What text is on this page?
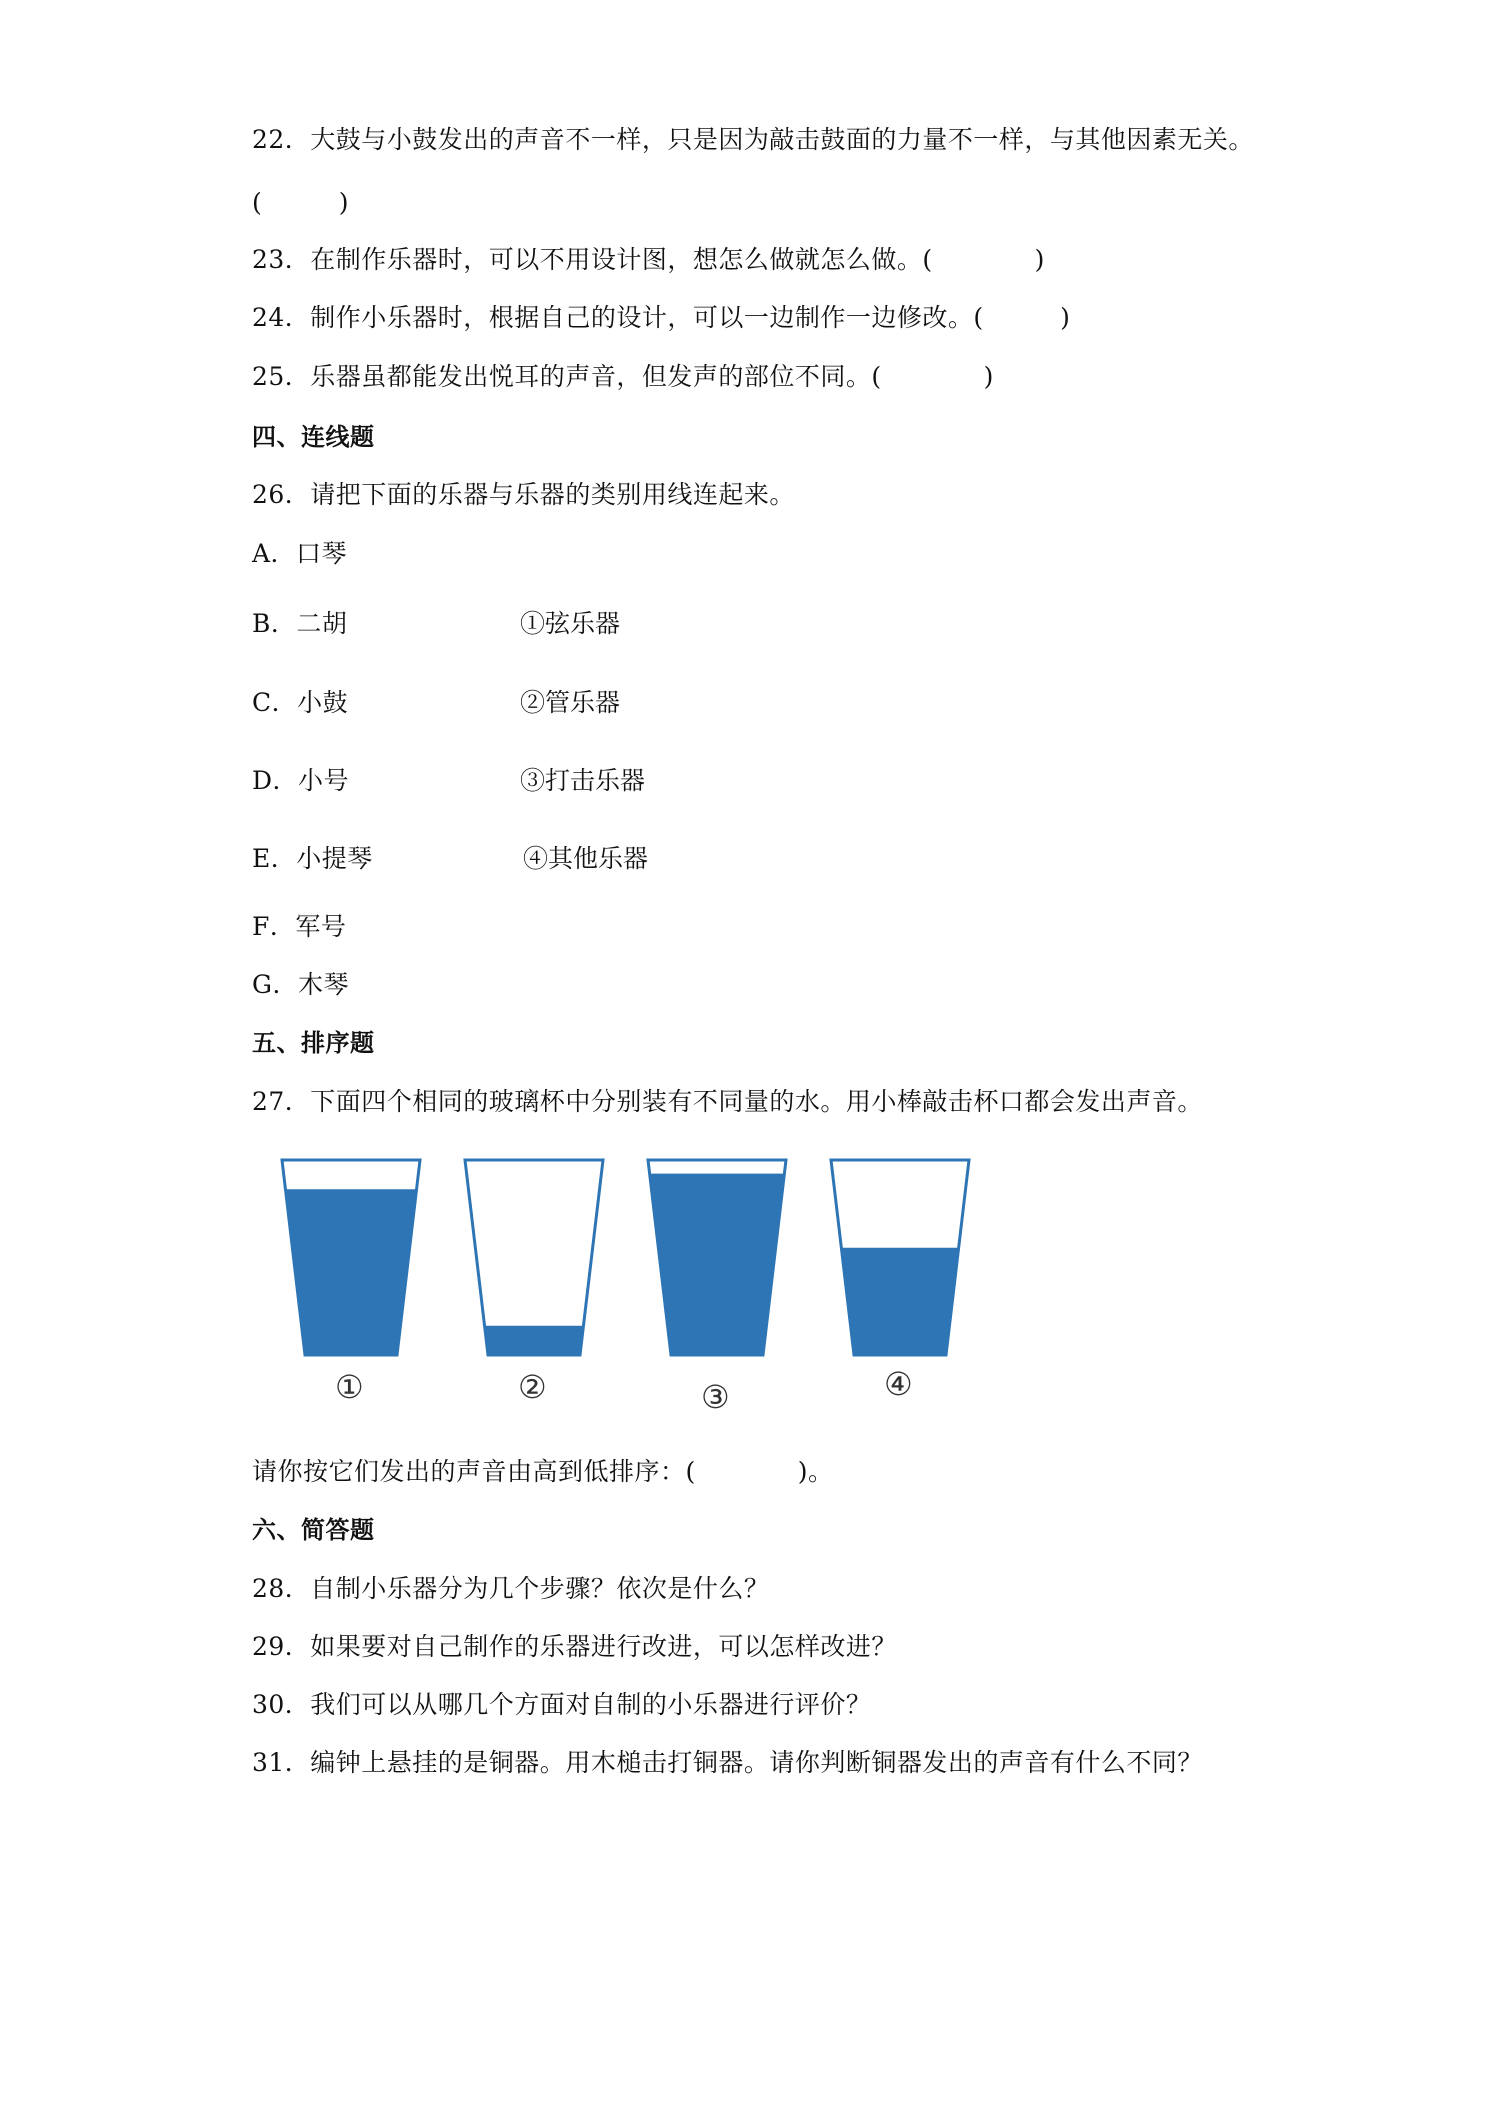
22．大鼓与小鼓发出的声音不一样，只是因为敲击鼓面的力量不一样，与其他因素无关。
(　　　)
23．在制作乐器时，可以不用设计图，想怎么做就怎么做。(　　　　)
24．制作小乐器时，根据自己的设计，可以一边制作一边修改。(　　　)
25．乐器虽都能发出悦耳的声音，但发声的部位不同。(　　　　)
四、连线题
26．请把下面的乐器与乐器的类别用线连起来。
A．口琴
B．二胡
C．小鼓
D．小号
E．小提琴
F．军号
G．木琴
①弦乐器
②管乐器
③打击乐器
④其他乐器
五、排序题
27．下面四个相同的玻璃杯中分别装有不同量的水。用小棒敲击杯口都会发出声音。
①	②	③	④
请你按它们发出的声音由高到低排序：(　　　　)。
六、简答题
28．自制小乐器分为几个步骤？依次是什么？
29．如果要对自己制作的乐器进行改进，可以怎样改进？
30．我们可以从哪几个方面对自制的小乐器进行评价？
31．编钟上悬挂的是铜器。用木槌击打铜器。请你判断铜器发出的声音有什么不同？
